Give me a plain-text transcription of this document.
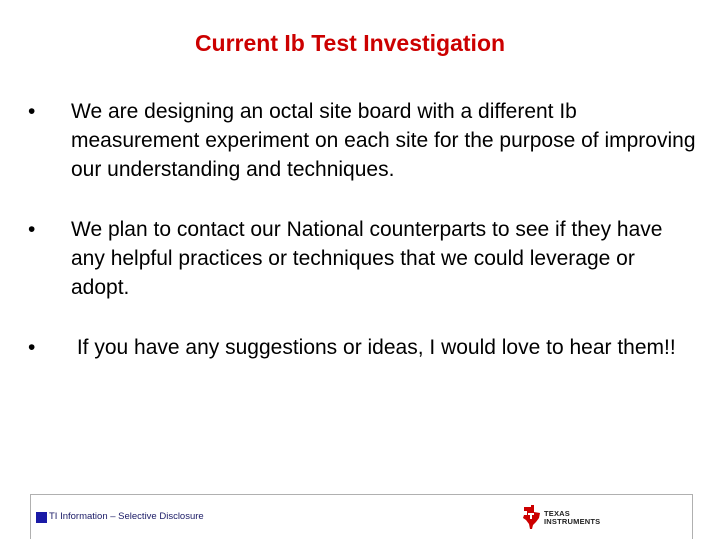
Current Ib Test Investigation
•	We are designing an octal site board with a different Ib measurement experiment on each site for the purpose of improving our understanding and techniques.
•	We plan to contact our National counterparts to see if they have any helpful practices or techniques that we could leverage or adopt.
•	If you have any suggestions or ideas, I would love to hear them!!
TI Information – Selective Disclosure	TEXAS
INSTRUMENTS
